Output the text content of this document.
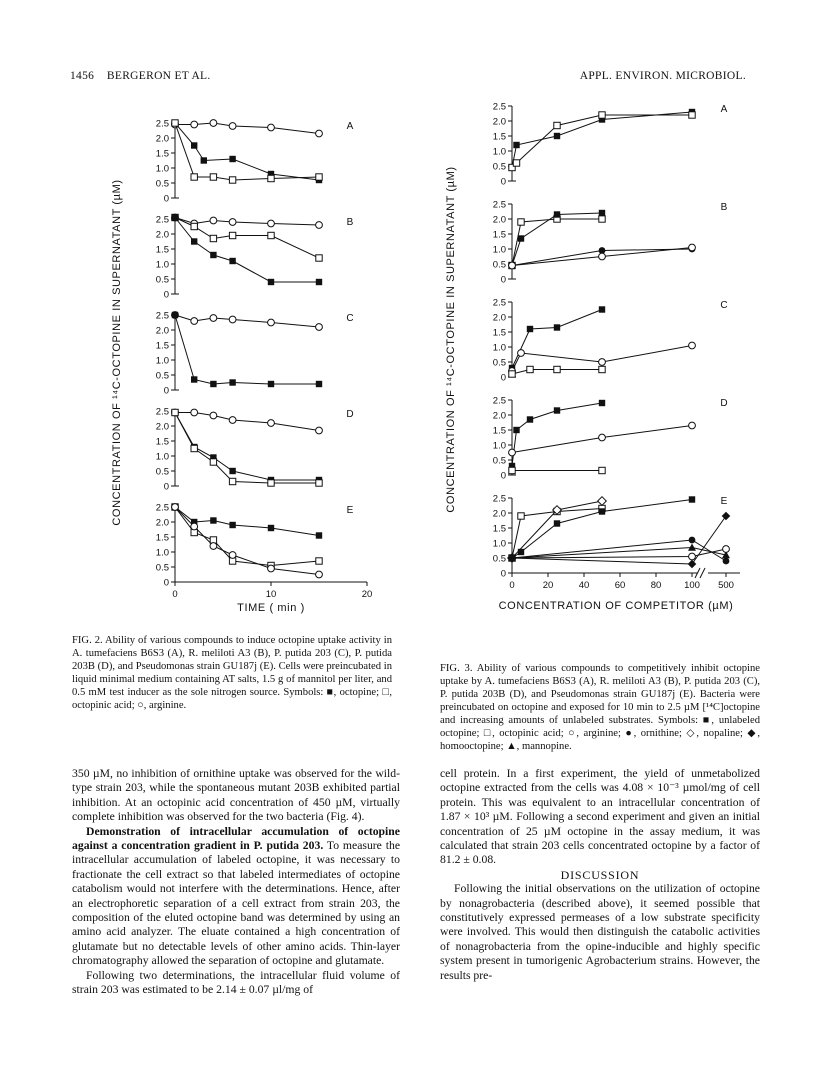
1456 BERGERON ET AL.	APPL. ENVIRON. MICROBIOL.
0
0.5
1.0
1.5
2.0
2.5	A
0
0.5
1.0
1.5
2.0
2.5	B
0
0.5
1.0
1.5
2.0
2.5	C
0
0.5
1.0
1.5
2.0
2.5	D
0
0.5
1.0
1.5
2.0
2.5	E
0	10	20
TIME ( min )
CONCENTRATION OF ¹⁴C-OCTOPINE IN SUPERNATANT (µM)	0
0.5
1.0
1.5
2.0
2.5	A
0
0.5
1.0
1.5
2.0
2.5	B
0
0.5
1.0
1.5
2.0
2.5	C
0
0.5
1.0
1.5
2.0
2.5	D
0
0.5
1.0
1.5
2.0
2.5	E
0	20	40	60	80 100 500
CONCENTRATION OF COMPETITOR (µM)
CONCENTRATION OF ¹⁴C-OCTOPINE IN SUPERNATANT (µM)
FIG. 2. Ability of various compounds to induce octopine uptake activity in A. tumefaciens B6S3 (A), R. meliloti A3 (B), P. putida 203 (C), P. putida 203B (D), and Pseudomonas strain GU187j (E). Cells were preincubated in liquid minimal medium containing AT salts, 1.5 g of mannitol per liter, and 0.5 mM test inducer as the sole nitrogen source. Symbols: ■, octopine; □, octopinic acid; ○, arginine.
FIG. 3. Ability of various compounds to competitively inhibit octopine uptake by A. tumefaciens B6S3 (A), R. meliloti A3 (B), P. putida 203 (C), P. putida 203B (D), and Pseudomonas strain GU187j (E). Bacteria were preincubated on octopine and exposed for 10 min to 2.5 µM [¹⁴C]octopine and increasing amounts of unlabeled substrates. Symbols: ■, unlabeled octopine; □, octopinic acid; ○, arginine; ●, ornithine; ◇, nopaline; ◆, homooctopine; ▲, mannopine.

350 µM, no inhibition of ornithine uptake was observed for the wild-type strain 203, while the spontaneous mutant 203B exhibited partial inhibition. At an octopinic acid concentration of 450 µM, virtually complete inhibition was observed for the two bacteria (Fig. 4).

Demonstration of intracellular accumulation of octopine against a concentration gradient in P. putida 203. To measure the intracellular accumulation of labeled octopine, it was necessary to fractionate the cell extract so that labeled intermediates of octopine catabolism would not interfere with the determinations. Hence, after an electrophoretic separation of a cell extract from strain 203, the composition of the eluted octopine band was determined by using an amino acid analyzer. The eluate contained a high concentration of glutamate but no detectable levels of other amino acids. Thin-layer chromatography allowed the separation of octopine and glutamate.

Following two determinations, the intracellular fluid volume of strain 203 was estimated to be 2.14 ± 0.07 µl/mg of

cell protein. In a first experiment, the yield of unmetabolized octopine extracted from the cells was 4.08 × 10⁻³ µmol/mg of cell protein. This was equivalent to an intracellular concentration of 1.87 × 10³ µM. Following a second experiment and given an initial concentration of 25 µM octopine in the assay medium, it was calculated that strain 203 cells concentrated octopine by a factor of 81.2 ± 0.08.

DISCUSSION

Following the initial observations on the utilization of octopine by nonagrobacteria (described above), it seemed possible that constitutively expressed permeases of a low substrate specificity were involved. This would then distinguish the catabolic activities of nonagrobacteria from the opine-inducible and highly specific system present in tumorigenic Agrobacterium strains. However, the results pre-
